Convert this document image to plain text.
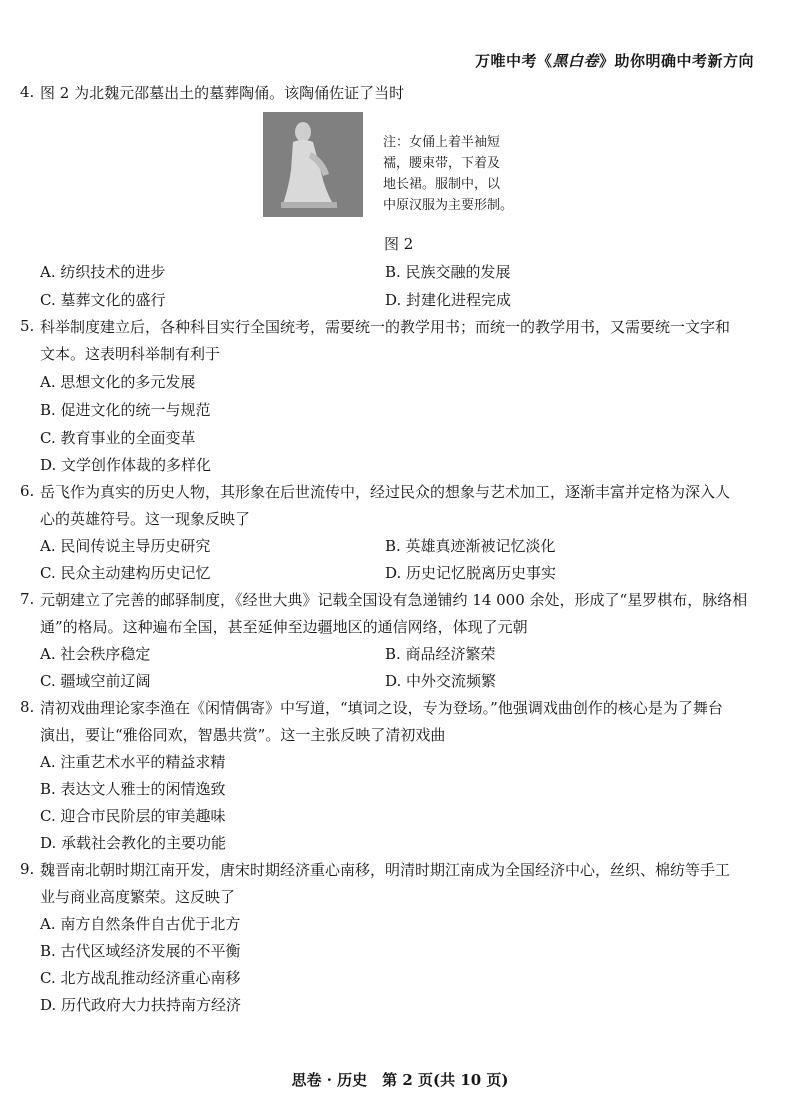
万唯中考《黑白卷》助你明确中考新方向
4. 图 2 为北魏元邵墓出土的墓葬陶俑。该陶俑佐证了当时
注：女俑上着半袖短
襦，腰束带，下着及
地长裙。服制中，以
中原汉服为主要形制。
图 2
A. 纺织技术的进步	B. 民族交融的发展
C. 墓葬文化的盛行	D. 封建化进程完成
5. 科举制度建立后，各种科目实行全国统考，需要统一的教学用书；而统一的教学用书，又需要统一文字和
文本。这表明科举制有利于
A. 思想文化的多元发展
B. 促进文化的统一与规范
C. 教育事业的全面变革
D. 文学创作体裁的多样化
6. 岳飞作为真实的历史人物，其形象在后世流传中，经过民众的想象与艺术加工，逐渐丰富并定格为深入人
心的英雄符号。这一现象反映了
A. 民间传说主导历史研究	B. 英雄真迹渐被记忆淡化
C. 民众主动建构历史记忆	D. 历史记忆脱离历史事实
7. 元朝建立了完善的邮驿制度，《经世大典》记载全国设有急递铺约 14 000 余处，形成了“星罗棋布，脉络相
通”的格局。这种遍布全国，甚至延伸至边疆地区的通信网络，体现了元朝
A. 社会秩序稳定	B. 商品经济繁荣
C. 疆域空前辽阔	D. 中外交流频繁
8. 清初戏曲理论家李渔在《闲情偶寄》中写道，“填词之设，专为登场。”他强调戏曲创作的核心是为了舞台
演出，要让“雅俗同欢，智愚共赏”。这一主张反映了清初戏曲
A. 注重艺术水平的精益求精
B. 表达文人雅士的闲情逸致
C. 迎合市民阶层的审美趣味
D. 承载社会教化的主要功能
9. 魏晋南北朝时期江南开发，唐宋时期经济重心南移，明清时期江南成为全国经济中心，丝织、棉纺等手工
业与商业高度繁荣。这反映了
A. 南方自然条件自古优于北方
B. 古代区域经济发展的不平衡
C. 北方战乱推动经济重心南移
D. 历代政府大力扶持南方经济
思卷 · 历史　第 2 页(共 10 页)
